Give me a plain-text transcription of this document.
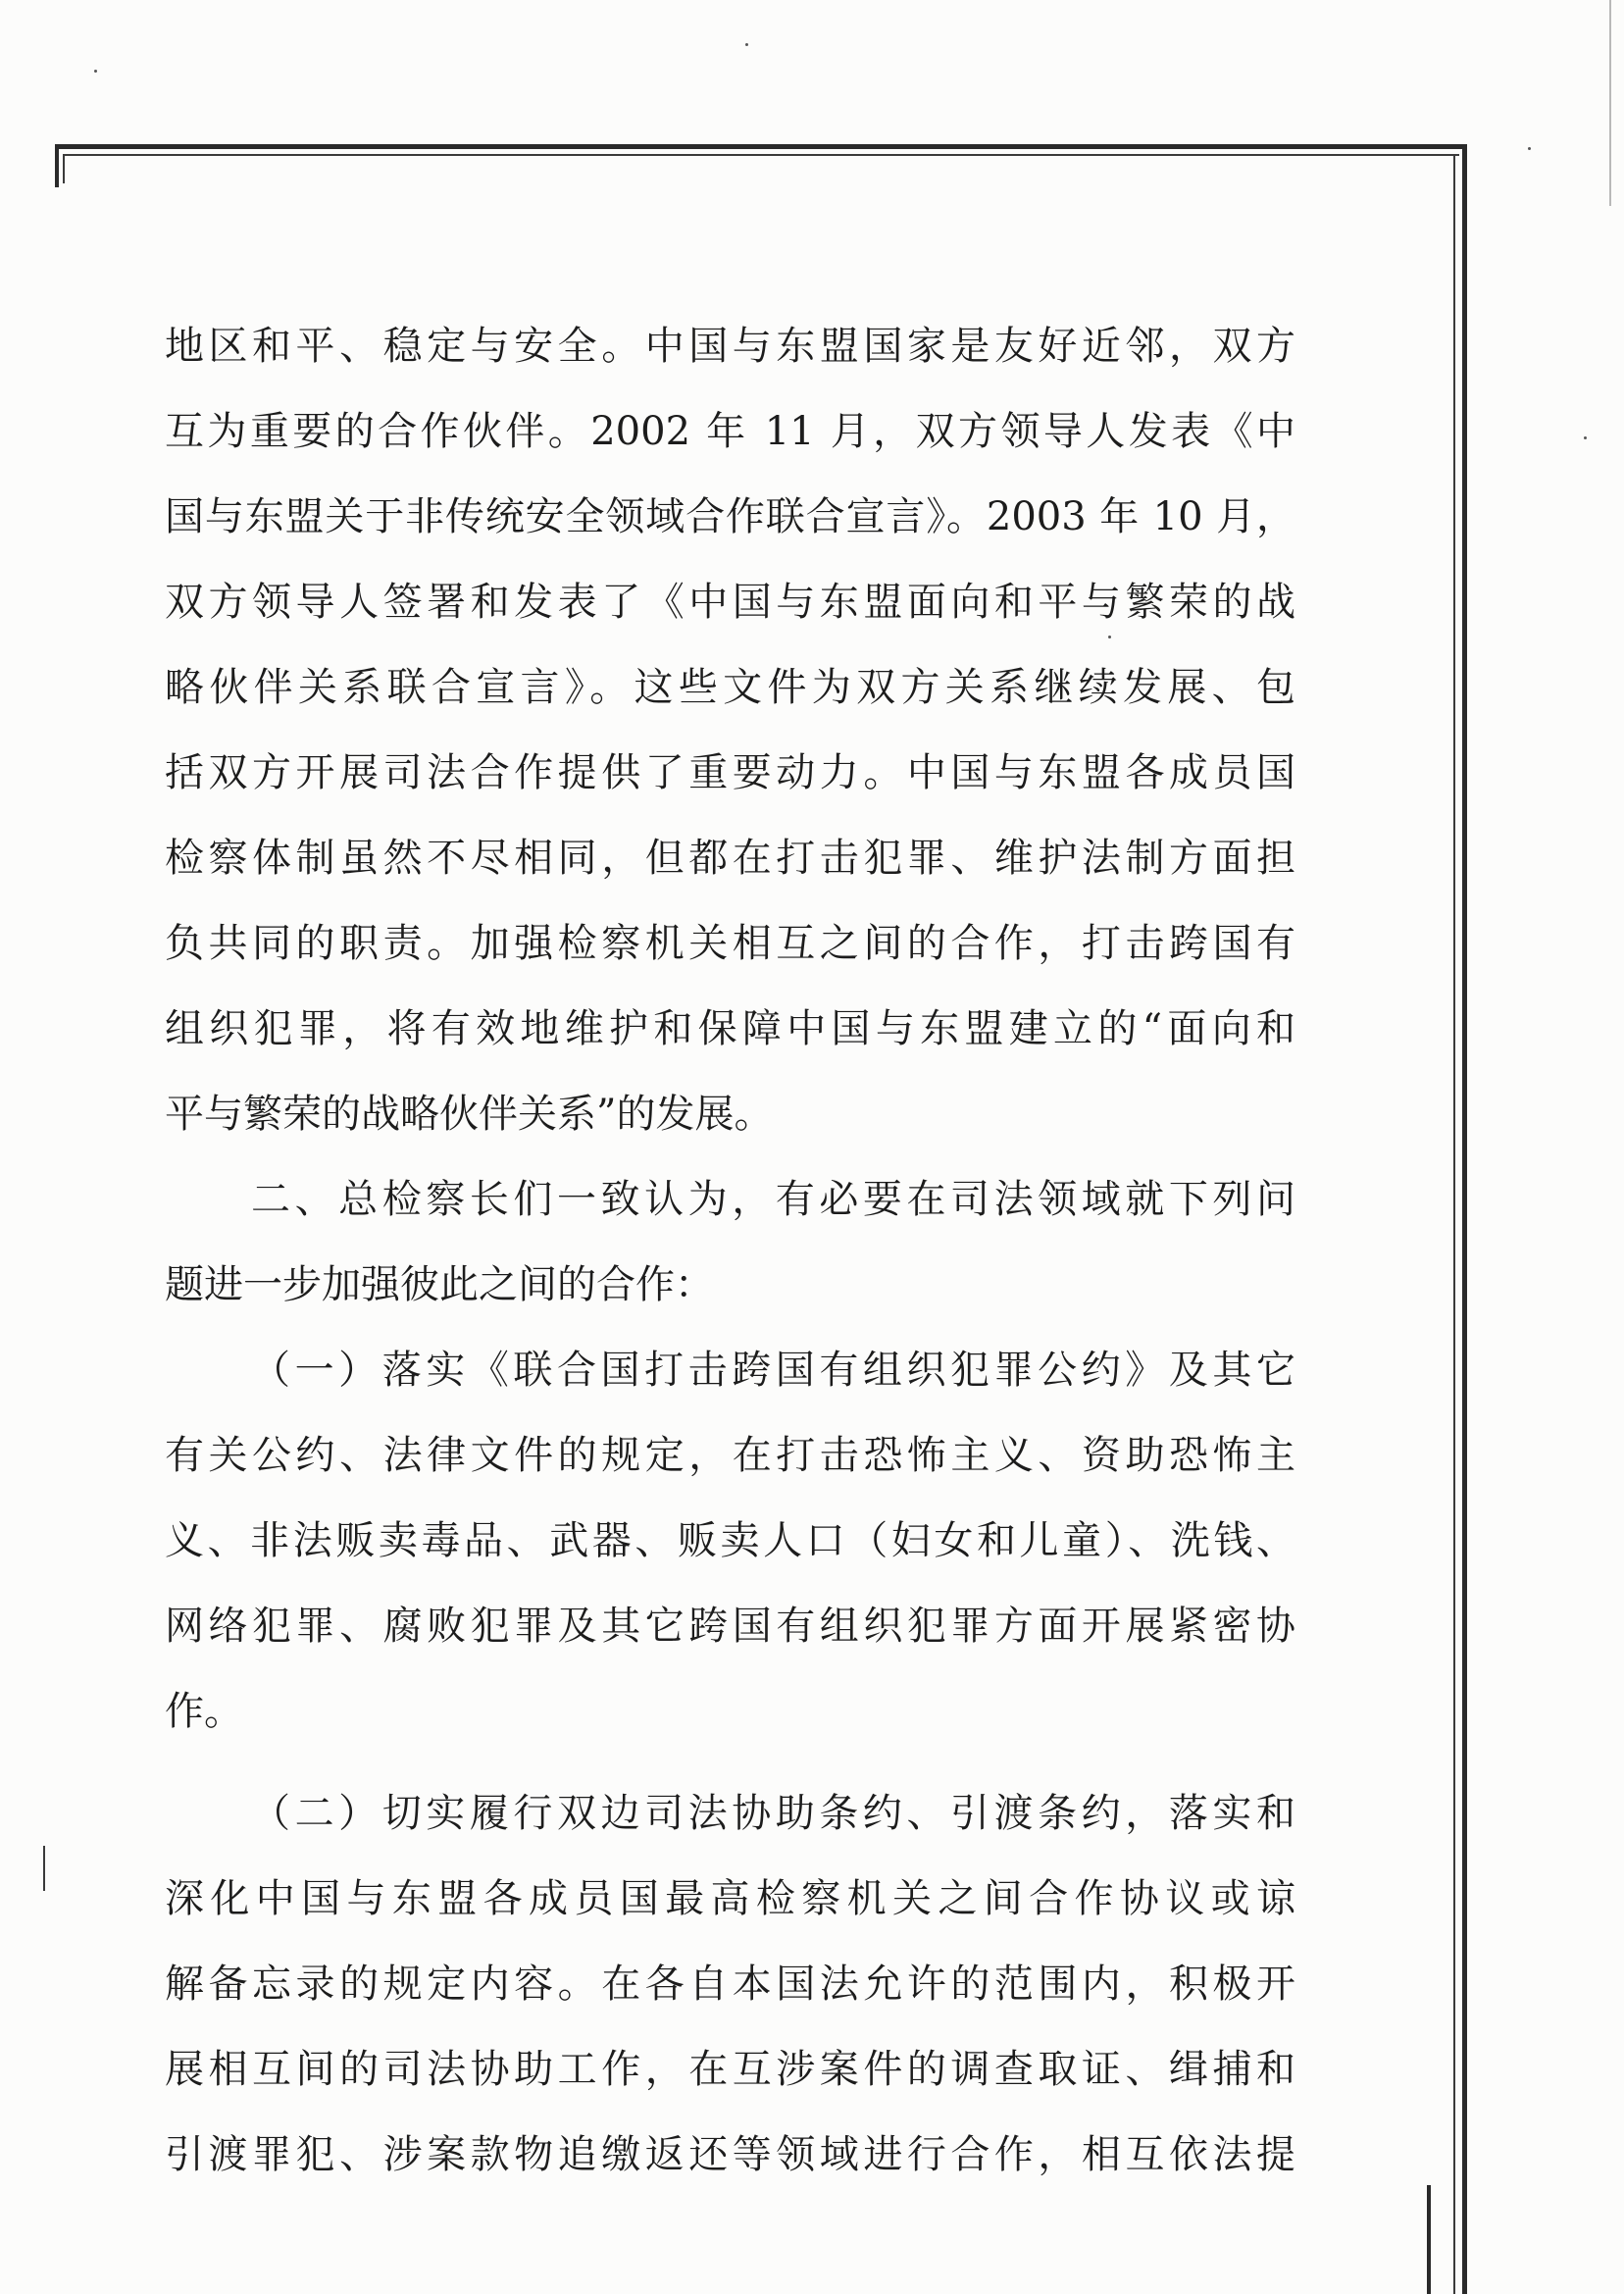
地区和平、稳定与安全。中国与东盟国家是友好近邻，双方
互为重要的合作伙伴。2002 年 11 月，双方领导人发表《中
国与东盟关于非传统安全领域合作联合宣言》。2003 年 10 月，
双方领导人签署和发表了《中国与东盟面向和平与繁荣的战
略伙伴关系联合宣言》。这些文件为双方关系继续发展、包
括双方开展司法合作提供了重要动力。中国与东盟各成员国
检察体制虽然不尽相同，但都在打击犯罪、维护法制方面担
负共同的职责。加强检察机关相互之间的合作，打击跨国有
组织犯罪，将有效地维护和保障中国与东盟建立的“面向和
平与繁荣的战略伙伴关系”的发展。
二、总检察长们一致认为，有必要在司法领域就下列问
题进一步加强彼此之间的合作：
（一）落实《联合国打击跨国有组织犯罪公约》及其它
有关公约、法律文件的规定，在打击恐怖主义、资助恐怖主
义、非法贩卖毒品、武器、贩卖人口（妇女和儿童）、洗钱、
网络犯罪、腐败犯罪及其它跨国有组织犯罪方面开展紧密协
作。
（二）切实履行双边司法协助条约、引渡条约，落实和
深化中国与东盟各成员国最高检察机关之间合作协议或谅
解备忘录的规定内容。在各自本国法允许的范围内，积极开
展相互间的司法协助工作，在互涉案件的调查取证、缉捕和
引渡罪犯、涉案款物追缴返还等领域进行合作，相互依法提
